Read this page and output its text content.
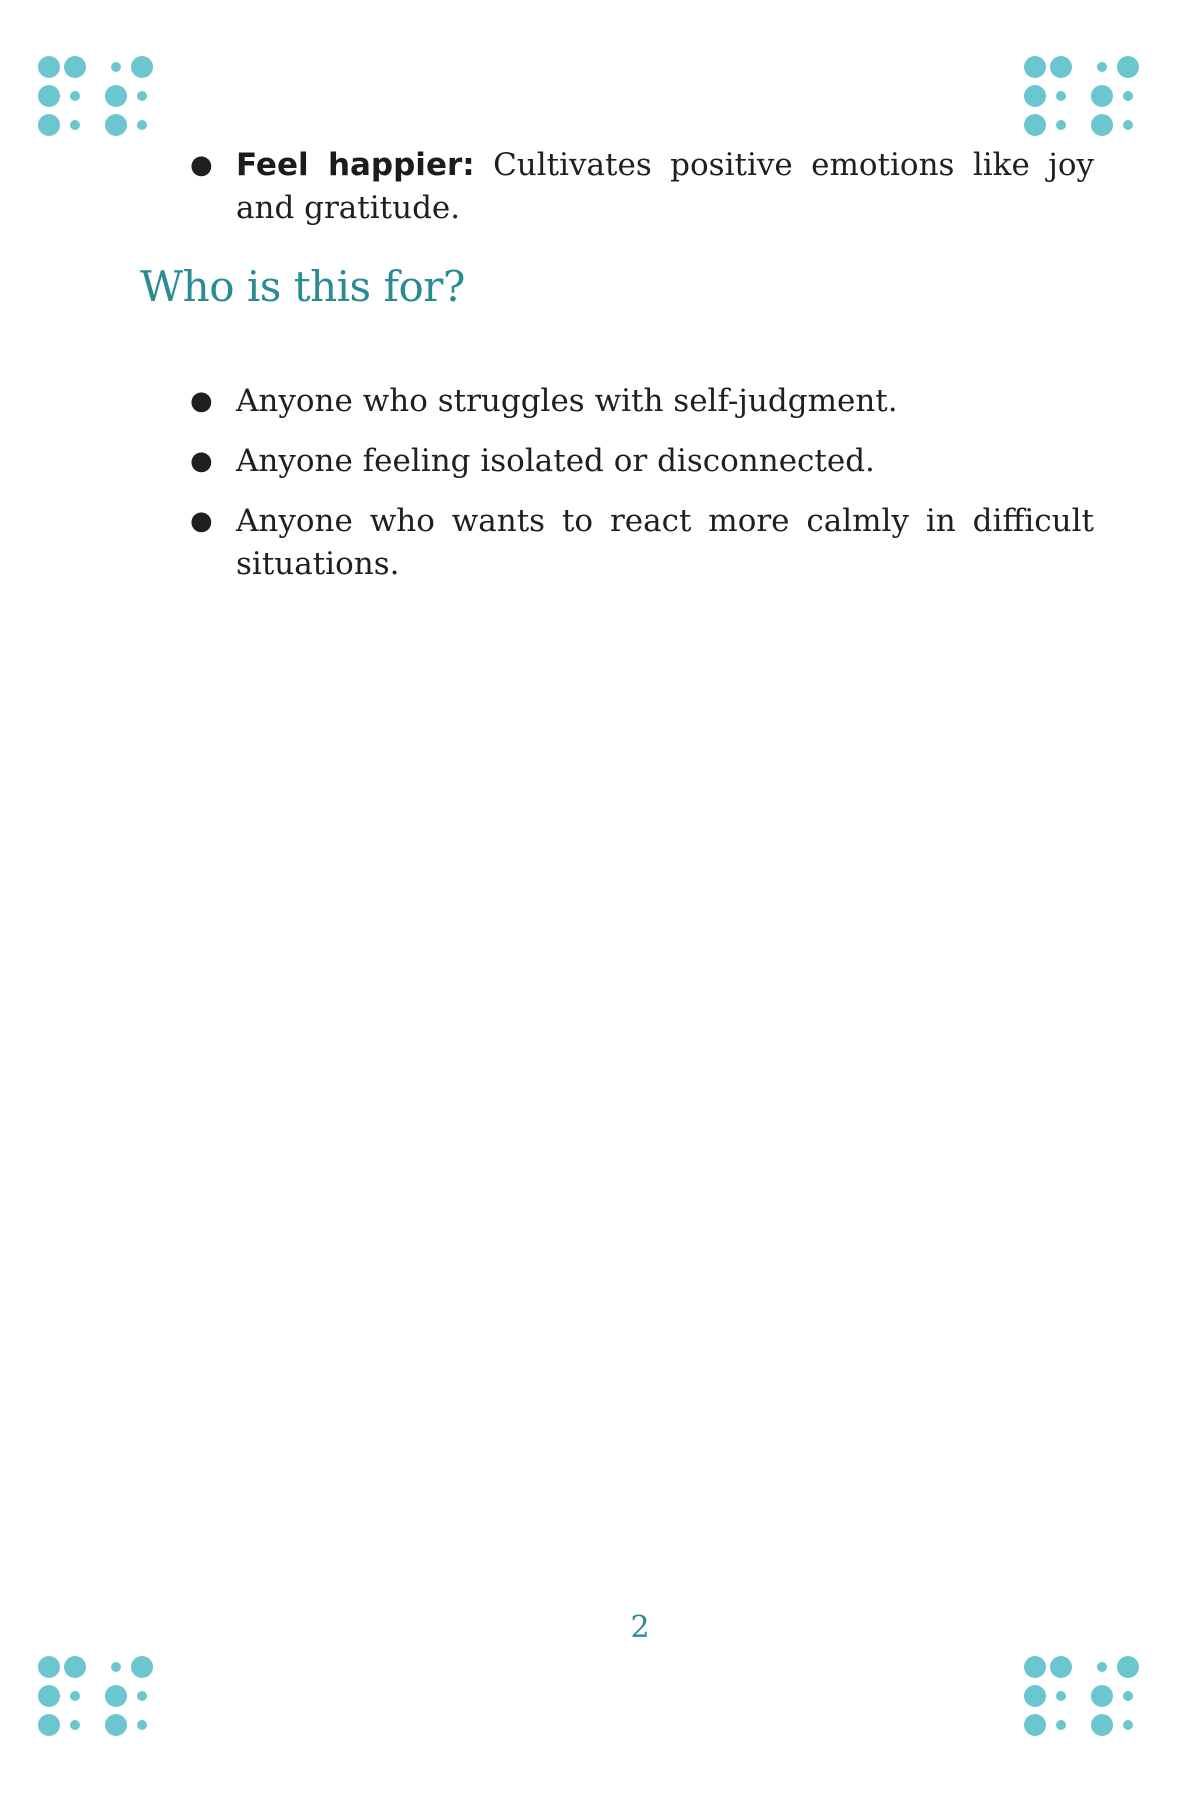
● Feel happier: Cultivates positive emotions like joy and gratitude.
Who is this for?
● Anyone who struggles with self-judgment.
● Anyone feeling isolated or disconnected.
● Anyone who wants to react more calmly in difficult situations.
2
